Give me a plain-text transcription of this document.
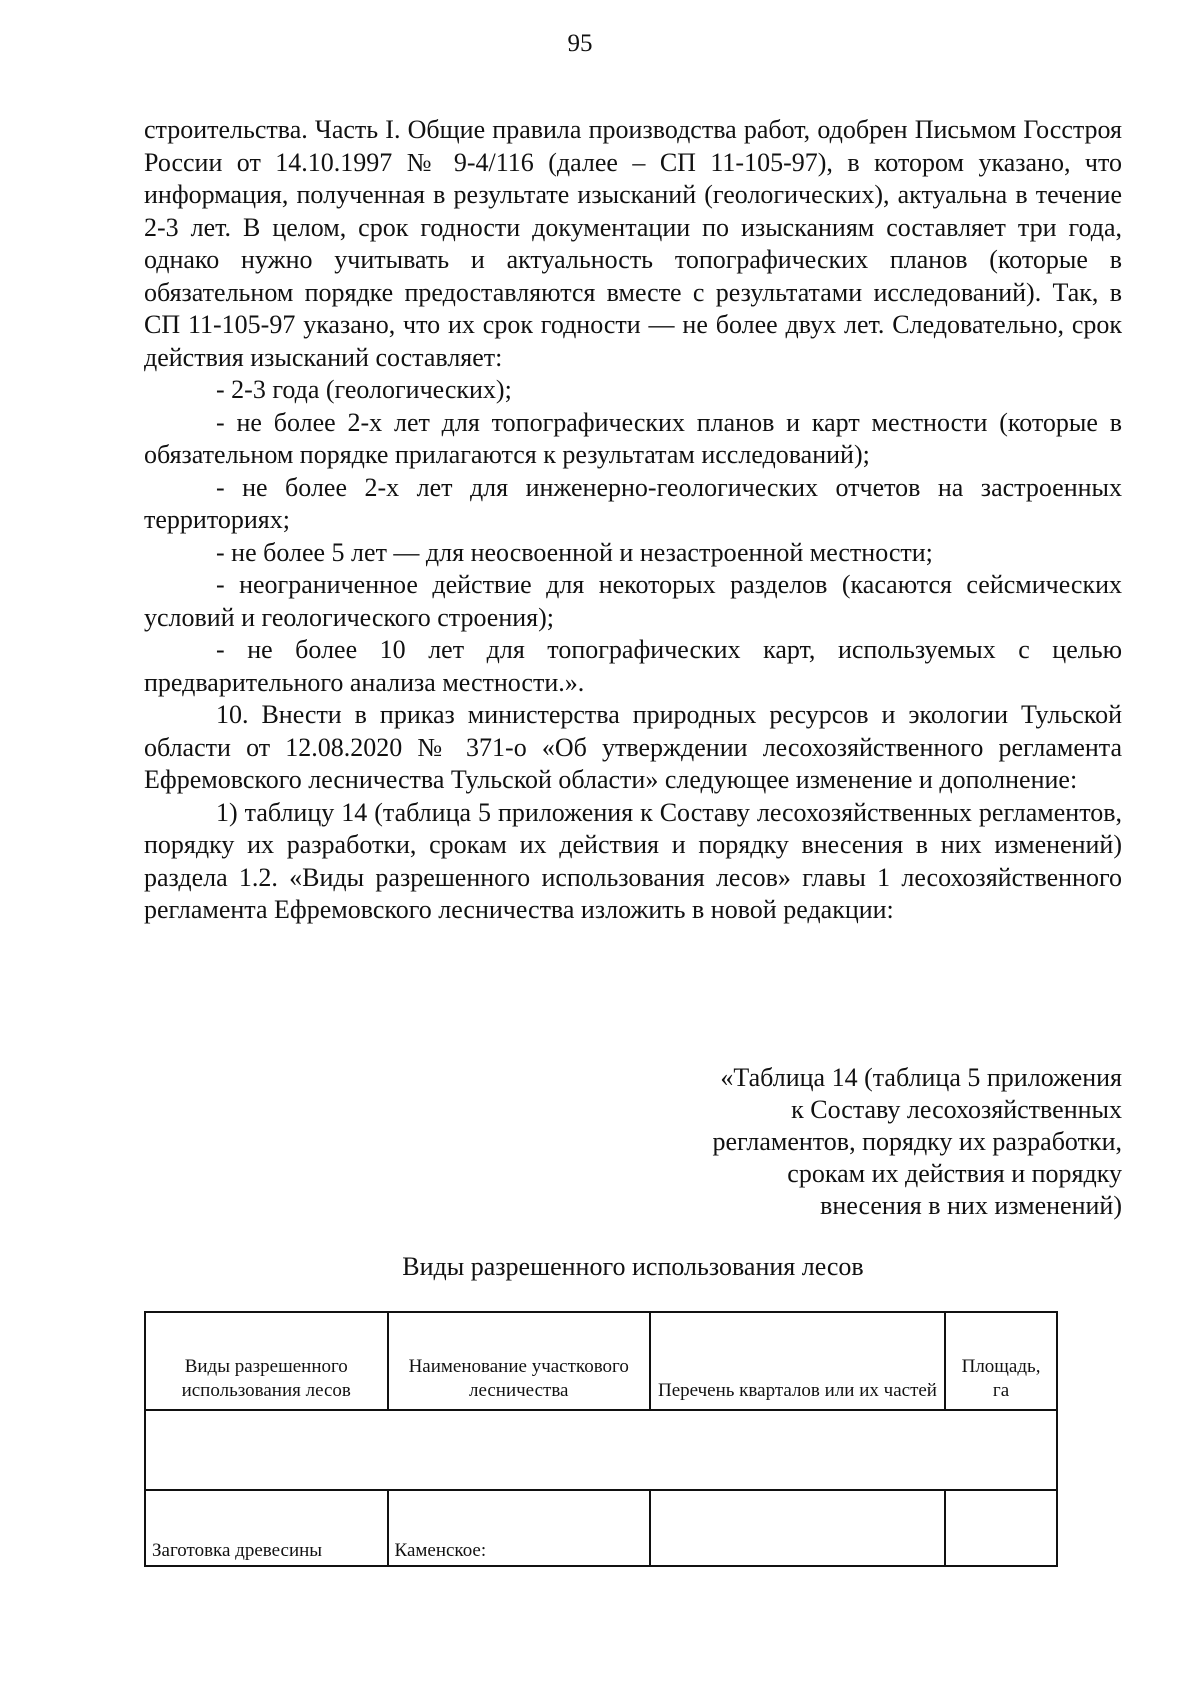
95

строительства. Часть I. Общие правила производства работ, одобрен Письмом Госстроя России от 14.10.1997 № 9-4/116 (далее – СП 11-105-97), в котором указано, что информация, полученная в результате изысканий (геологических), актуальна в течение 2-3 лет. В целом, срок годности документации по изысканиям составляет три года, однако нужно учитывать и актуальность топографических планов (которые в обязательном порядке предоставляются вместе с результатами исследований). Так, в СП 11-105-97 указано, что их срок годности — не более двух лет. Следовательно, срок действия изысканий составляет:

- 2-3 года (геологических);

- не более 2-х лет для топографических планов и карт местности (которые в обязательном порядке прилагаются к результатам исследований);

- не более 2-х лет для инженерно-геологических отчетов на застроенных территориях;

- не более 5 лет — для неосвоенной и незастроенной местности;

- неограниченное действие для некоторых разделов (касаются сейсмических условий и геологического строения);

- не более 10 лет для топографических карт, используемых с целью предварительного анализа местности.».

10. Внести в приказ министерства природных ресурсов и экологии Тульской области от 12.08.2020 № 371-о «Об утверждении лесохозяйственного регламента Ефремовского лесничества Тульской области» следующее изменение и дополнение:

1) таблицу 14 (таблица 5 приложения к Составу лесохозяйственных регламентов, порядку их разработки, срокам их действия и порядку внесения в них изменений) раздела 1.2. «Виды разрешенного использования лесов» главы 1 лесохозяйственного регламента Ефремовского лесничества изложить в новой редакции:

«Таблица 14 (таблица 5 приложения
к Составу лесохозяйственных
регламентов, порядку их разработки,
срокам их действия и порядку
внесения в них изменений)
Виды разрешенного использования лесов
Виды разрешенного использования лесов	Наименование участкового лесничества	Перечень кварталов или их частей	Площадь, га

Заготовка древесины	Каменское:		
